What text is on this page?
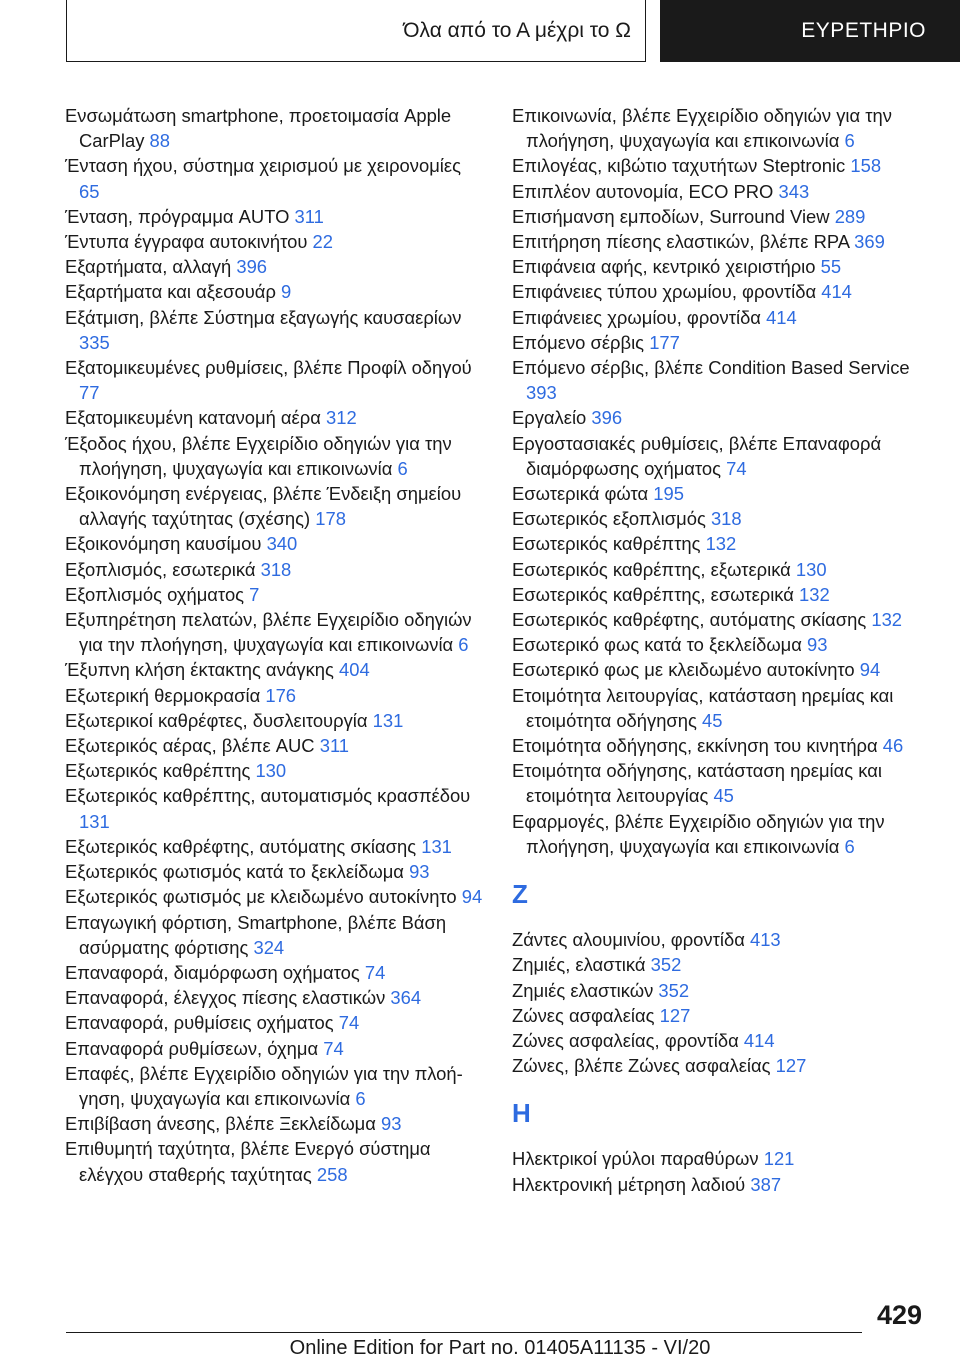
Όλα από το Α μέχρι το Ω	ΕΥΡΕΤΗΡΙΟ

Ενσωμάτωση smartphone, προετοιμασία Apple CarPlay 88

Ένταση ήχου, σύστημα χειρισμού με χειρονομίες 65

Ένταση, πρόγραμμα AUTO 311

Έντυπα έγγραφα αυτοκινήτου 22

Εξαρτήματα, αλλαγή 396

Εξαρτήματα και αξεσουάρ 9

Εξάτμιση, βλέπε Σύστημα εξαγωγής καυσαερίων 335

Εξατομικευμένες ρυθμίσεις, βλέπε Προφίλ οδηγού 77

Εξατομικευμένη κατανομή αέρα 312

Έξοδος ήχου, βλέπε Εγχειρίδιο οδηγιών για την πλοήγηση, ψυχαγωγία και επικοινωνία 6

Εξοικονόμηση ενέργειας, βλέπε Ένδειξη σημείου αλλαγής ταχύτητας (σχέσης) 178

Εξοικονόμηση καυσίμου 340

Εξοπλισμός, εσωτερικά 318

Εξοπλισμός οχήματος 7

Εξυπηρέτηση πελατών, βλέπε Εγχειρίδιο οδηγιών για την πλοήγηση, ψυχαγωγία και επικοινωνία 6

Έξυπνη κλήση έκτακτης ανάγκης 404

Εξωτερική θερμοκρασία 176

Εξωτερικοί καθρέφτες, δυσλειτουργία 131

Εξωτερικός αέρας, βλέπε AUC 311

Εξωτερικός καθρέπτης 130

Εξωτερικός καθρέπτης, αυτοματισμός κρασπέδου 131

Εξωτερικός καθρέφτης, αυτόματης σκίασης 131

Εξωτερικός φωτισμός κατά το ξεκλείδωμα 93

Εξωτερικός φωτισμός με κλειδωμένο αυτοκίνητο 94

Επαγωγική φόρτιση, Smartphone, βλέπε Βάση ασύρματης φόρτισης 324

Επαναφορά, διαμόρφωση οχήματος 74

Επαναφορά, έλεγχος πίεσης ελαστικών 364

Επαναφορά, ρυθμίσεις οχήματος 74

Επαναφορά ρυθμίσεων, όχημα 74

Επαφές, βλέπε Εγχειρίδιο οδηγιών για την πλοήγηση, ψυχαγωγία και επικοινωνία 6

Επιβίβαση άνεσης, βλέπε Ξεκλείδωμα 93

Επιθυμητή ταχύτητα, βλέπε Ενεργό σύστημα ελέγχου σταθερής ταχύτητας 258

Επικοινωνία, βλέπε Εγχειρίδιο οδηγιών για την πλοήγηση, ψυχαγωγία και επικοινωνία 6

Επιλογέας, κιβώτιο ταχυτήτων Steptronic 158

Επιπλέον αυτονομία, ECO PRO 343

Επισήμανση εμποδίων, Surround View 289

Επιτήρηση πίεσης ελαστικών, βλέπε RPA 369

Επιφάνεια αφής, κεντρικό χειριστήριο 55

Επιφάνειες τύπου χρωμίου, φροντίδα 414

Επιφάνειες χρωμίου, φροντίδα 414

Επόμενο σέρβις 177

Επόμενο σέρβις, βλέπε Condition Based Service 393

Εργαλείο 396

Εργοστασιακές ρυθμίσεις, βλέπε Επαναφορά διαμόρφωσης οχήματος 74

Εσωτερικά φώτα 195

Εσωτερικός εξοπλισμός 318

Εσωτερικός καθρέπτης 132

Εσωτερικός καθρέπτης, εξωτερικά 130

Εσωτερικός καθρέπτης, εσωτερικά 132

Εσωτερικός καθρέφτης, αυτόματης σκίασης 132

Εσωτερικό φως κατά το ξεκλείδωμα 93

Εσωτερικό φως με κλειδωμένο αυτοκίνητο 94

Ετοιμότητα λειτουργίας, κατάσταση ηρεμίας και ετοιμότητα οδήγησης 45

Ετοιμότητα οδήγησης, εκκίνηση του κινητήρα 46

Ετοιμότητα οδήγησης, κατάσταση ηρεμίας και ετοιμότητα λειτουργίας 45

Εφαρμογές, βλέπε Εγχειρίδιο οδηγιών για την πλοήγηση, ψυχαγωγία και επικοινωνία 6

Z

Ζάντες αλουμινίου, φροντίδα 413

Ζημιές, ελαστικά 352

Ζημιές ελαστικών 352

Ζώνες ασφαλείας 127

Ζώνες ασφαλείας, φροντίδα 414

Ζώνες, βλέπε Ζώνες ασφαλείας 127

H

Ηλεκτρικοί γρύλοι παραθύρων 121

Ηλεκτρονική μέτρηση λαδιού 387

429
Online Edition for Part no. 01405A11135 - VI/20
